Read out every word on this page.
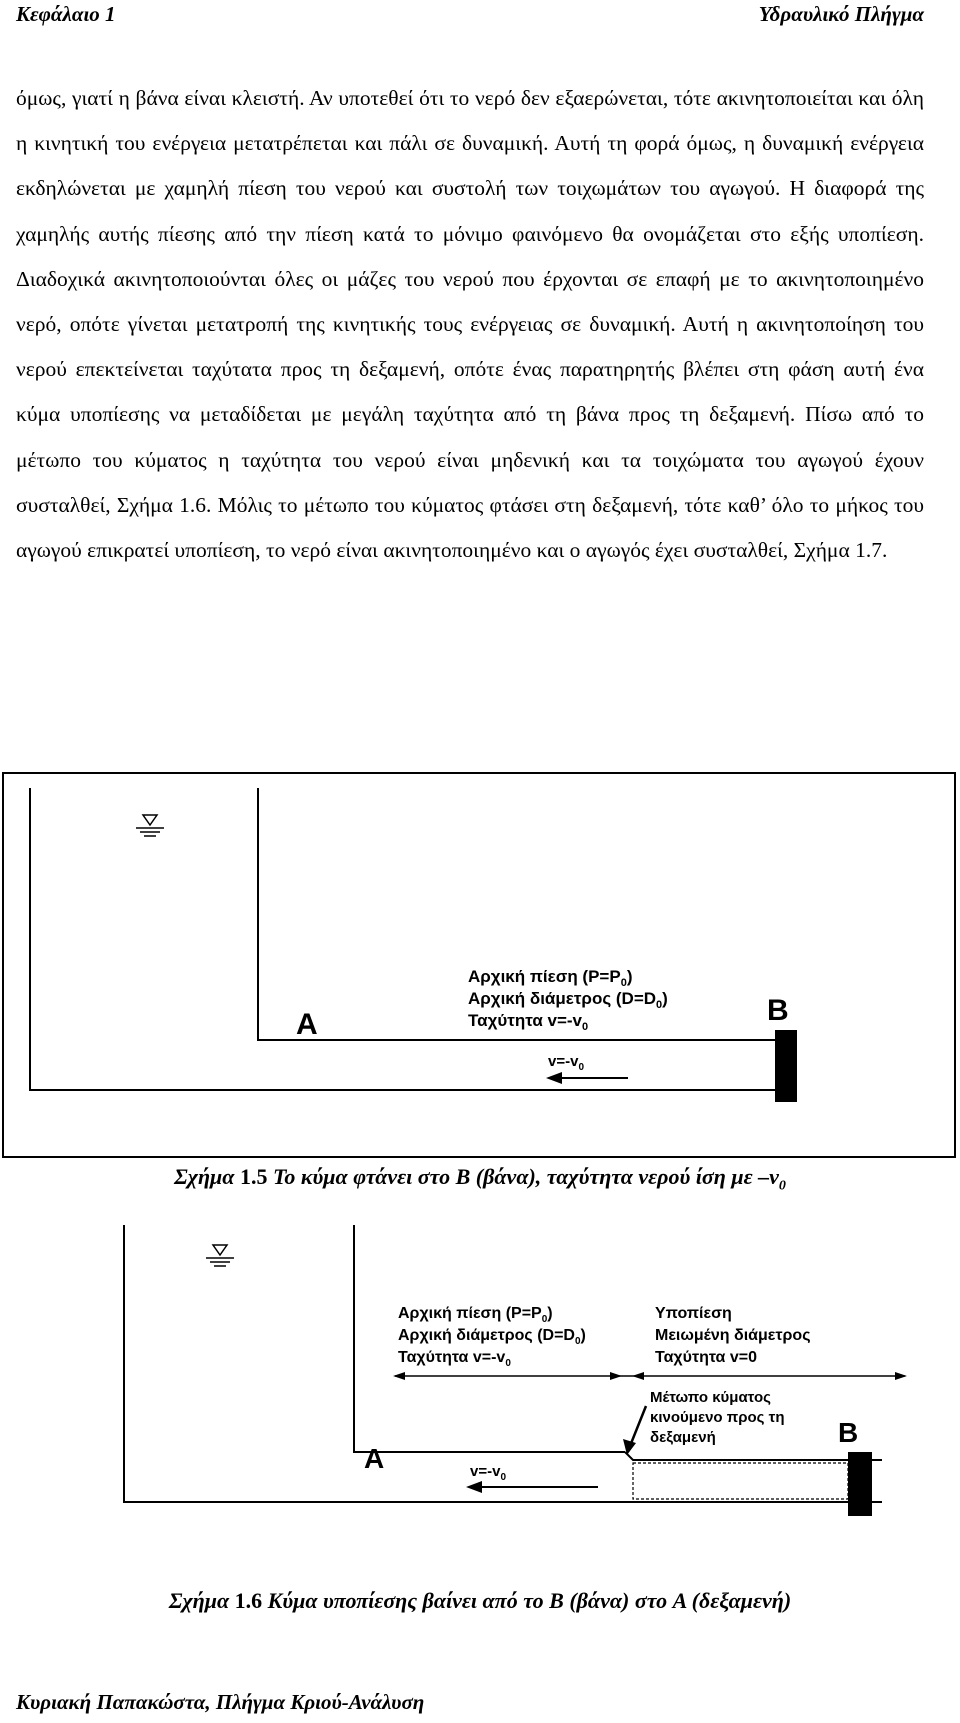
Κεφάλαιο 1	Υδραυλικό Πλήγμα

όμως, γιατί η βάνα είναι κλειστή. Αν υποτεθεί ότι το νερό δεν εξαερώνεται, τότε ακινητοποιείται και όλη η κινητική του ενέργεια μετατρέπεται και πάλι σε δυναμική. Αυτή τη φορά όμως, η δυναμική ενέργεια εκδηλώνεται με χαμηλή πίεση του νερού και συστολή των τοιχωμάτων του αγωγού. Η διαφορά της χαμηλής αυτής πίεσης από την πίεση κατά το μόνιμο φαινόμενο θα ονομάζεται στο εξής υποπίεση. Διαδοχικά ακινητοποιούνται όλες οι μάζες του νερού που έρχονται σε επαφή με το ακινητοποιημένο νερό, οπότε γίνεται μετατροπή της κινητικής τους ενέργειας σε δυναμική. Αυτή η ακινητοποίηση του νερού επεκτείνεται ταχύτατα προς τη δεξαμενή, οπότε ένας παρατηρητής βλέπει στη φάση αυτή ένα κύμα υποπίεσης να μεταδίδεται με μεγάλη ταχύτητα από τη βάνα προς τη δεξαμενή. Πίσω από το μέτωπο του κύματος η ταχύτητα του νερού είναι μηδενική και τα τοιχώματα του αγωγού έχουν συσταλθεί, Σχήμα 1.6. Μόλις το μέτωπο του κύματος φτάσει στη δεξαμενή, τότε καθ’ όλο το μήκος του αγωγού επικρατεί υποπίεση, το νερό είναι ακινητοποιημένο και ο αγωγός έχει συσταλθεί, Σχήμα 1.7.

Αρχική πίεση $(P=P_0)$
Αρχική διάμετρος $(D=D_0)$
Ταχύτητα $v=-v_0$
A	B
$v=-v_0$
Σχήμα 1.5 Το κύμα φτάνει στο B (βάνα), ταχύτητα νερού ίση με $-v_0$
Αρχική πίεση $(P=P_0)$
Αρχική διάμετρος $(D=D_0)$
Ταχύτητα $v=-v_0$
Υποπίεση
Μειωμένη διάμετρος
Ταχύτητα v=0
Μέτωπο κύματος
κινούμενο προς τη
δεξαμενή
A
B
$v=-v_0$
Σχήμα 1.6 Κύμα υποπίεσης βαίνει από το B (βάνα) στο A (δεξαμενή)
Κυριακή Παπακώστα, Πλήγμα Κριού-Ανάλυση
